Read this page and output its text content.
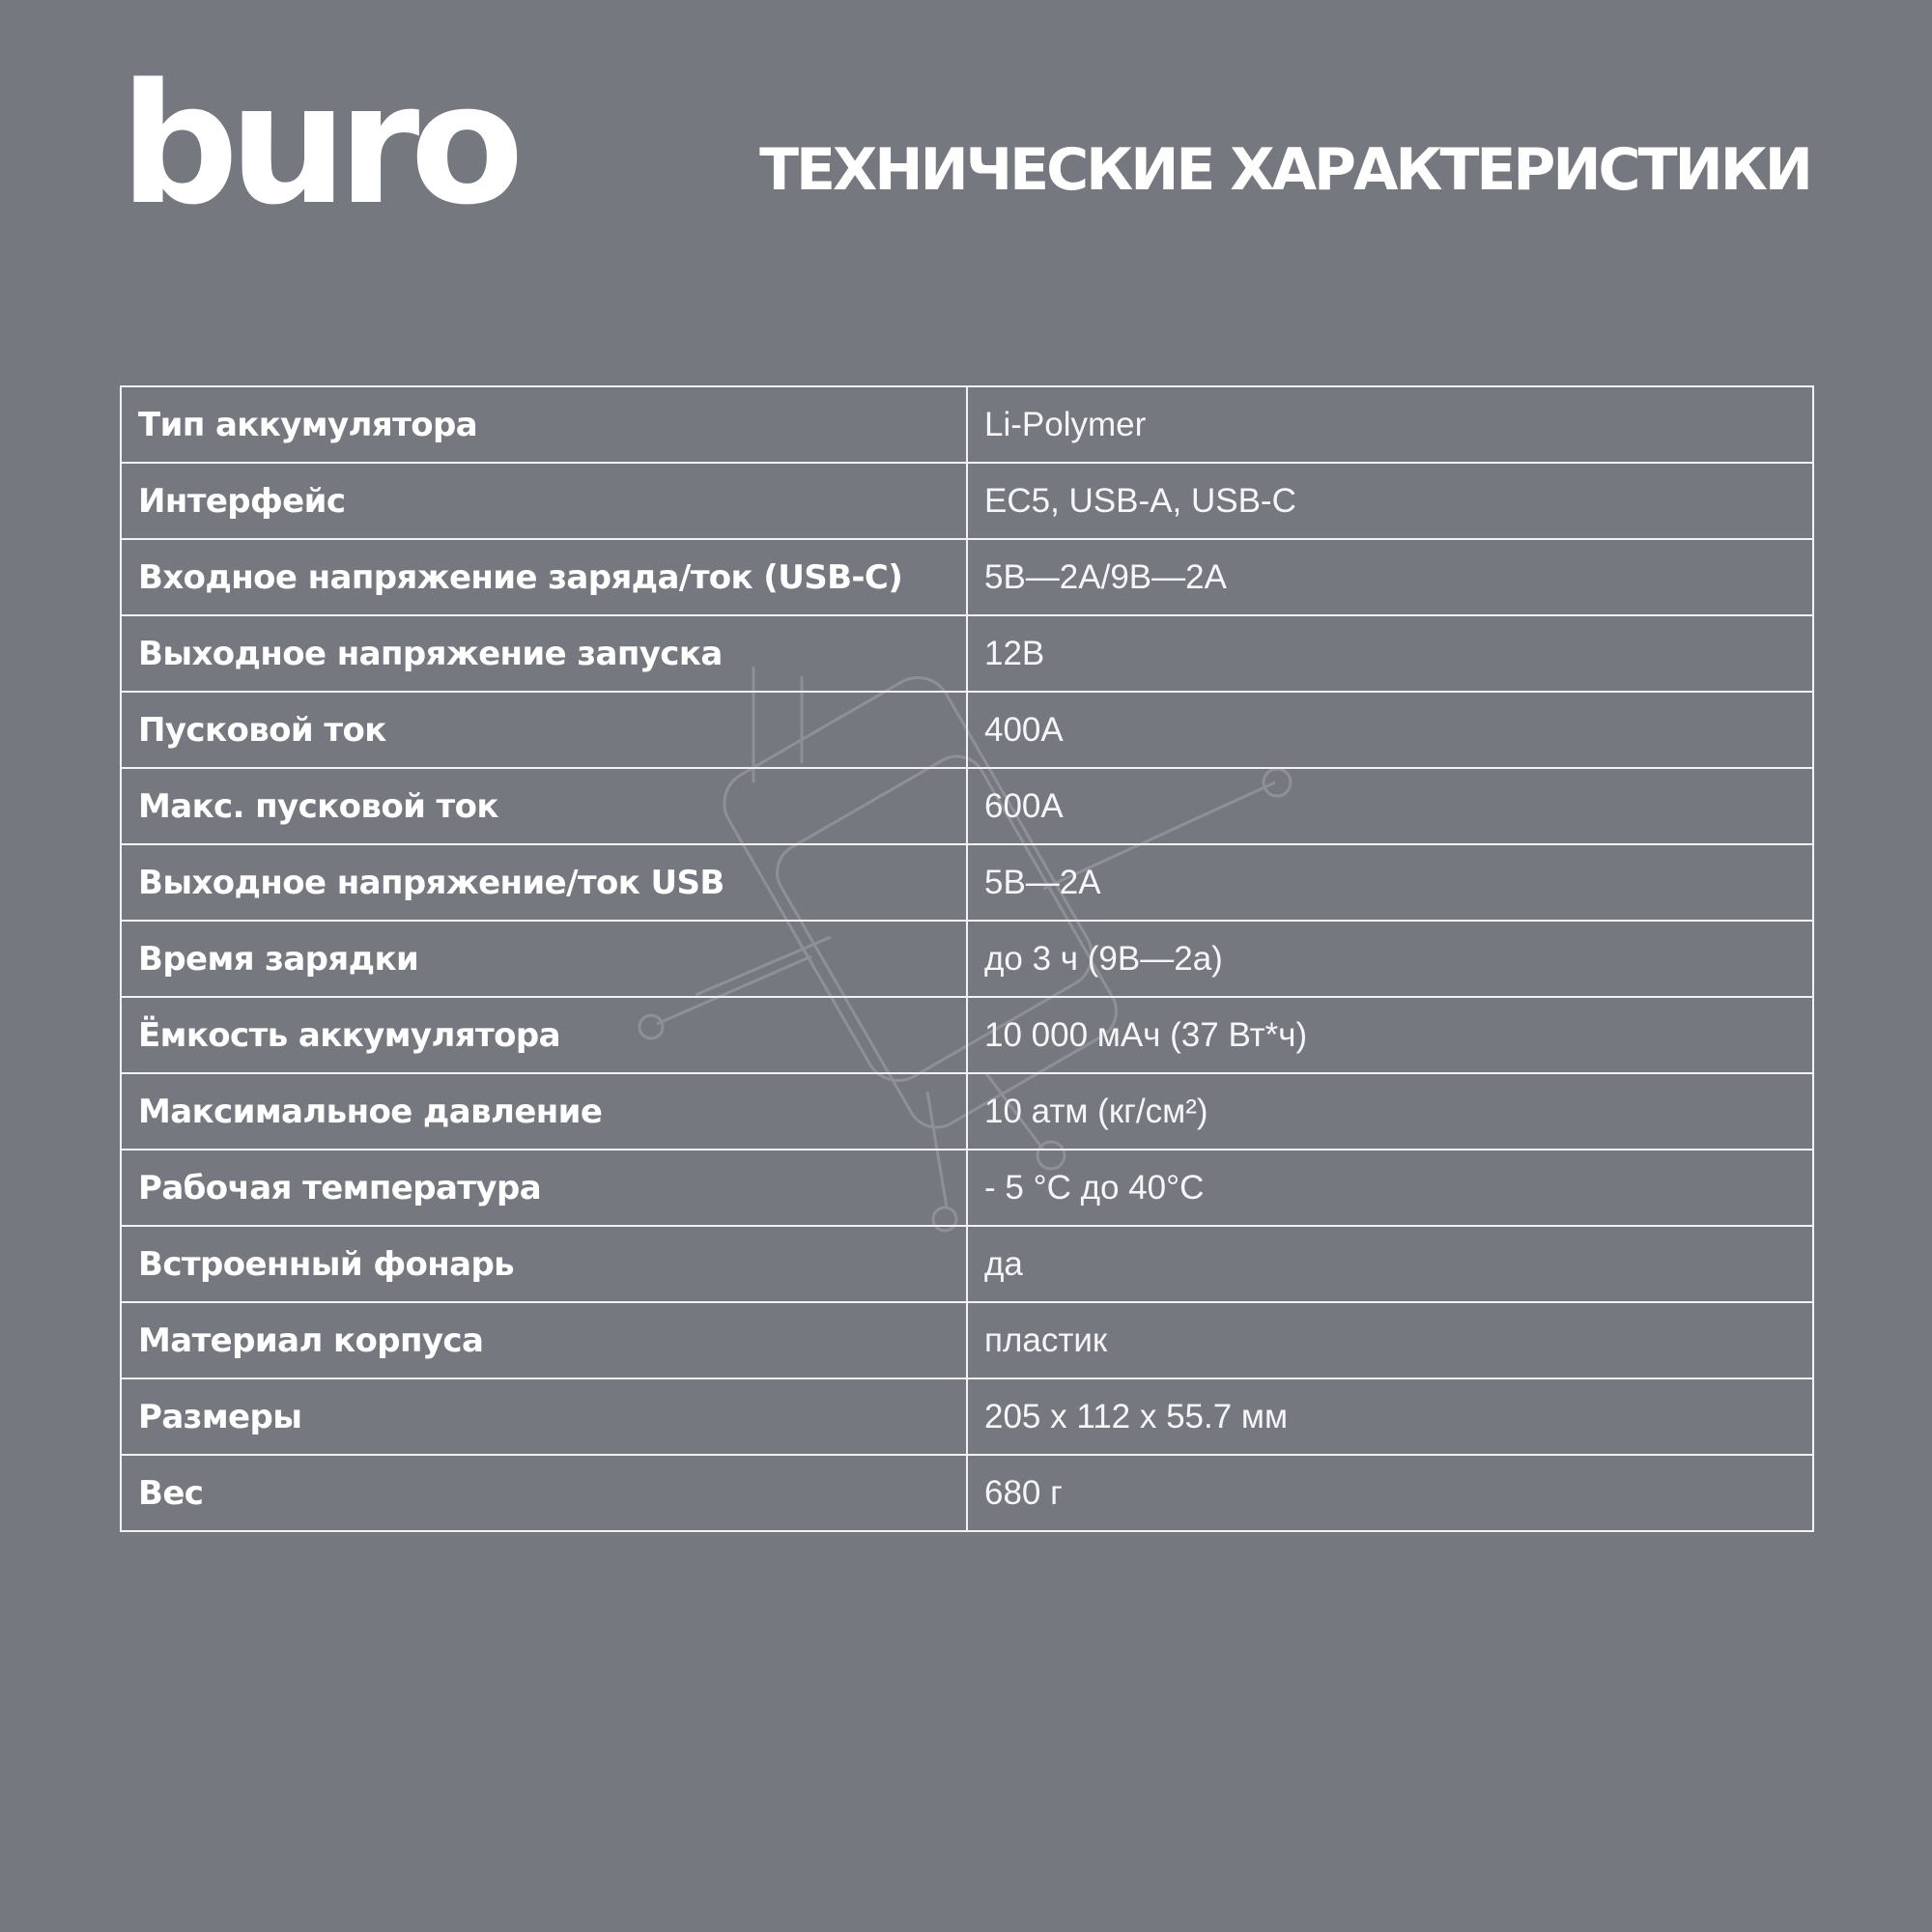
buro	ТЕХНИЧЕСКИЕ ХАРАКТЕРИСТИКИ
Тип аккумулятора	Li-Polymer
Интерфейс	EC5, USB-A, USB-C
Входное напряжение заряда/ток (USB-C)	5В—2А/9В—2А
Выходное напряжение запуска	12В
Пусковой ток	400А
Макс. пусковой ток	600А
Выходное напряжение/ток USB	5В—2А
Время зарядки	до 3 ч (9В—2а)
Ёмкость аккумулятора	10 000 мАч (37 Вт*ч)
Максимальное давление	10 атм (кг/см²)
Рабочая температура	- 5 °С до 40°С
Встроенный фонарь	да
Материал корпуса	пластик
Размеры	205 x 112 x 55.7 мм
Вес	680 г
